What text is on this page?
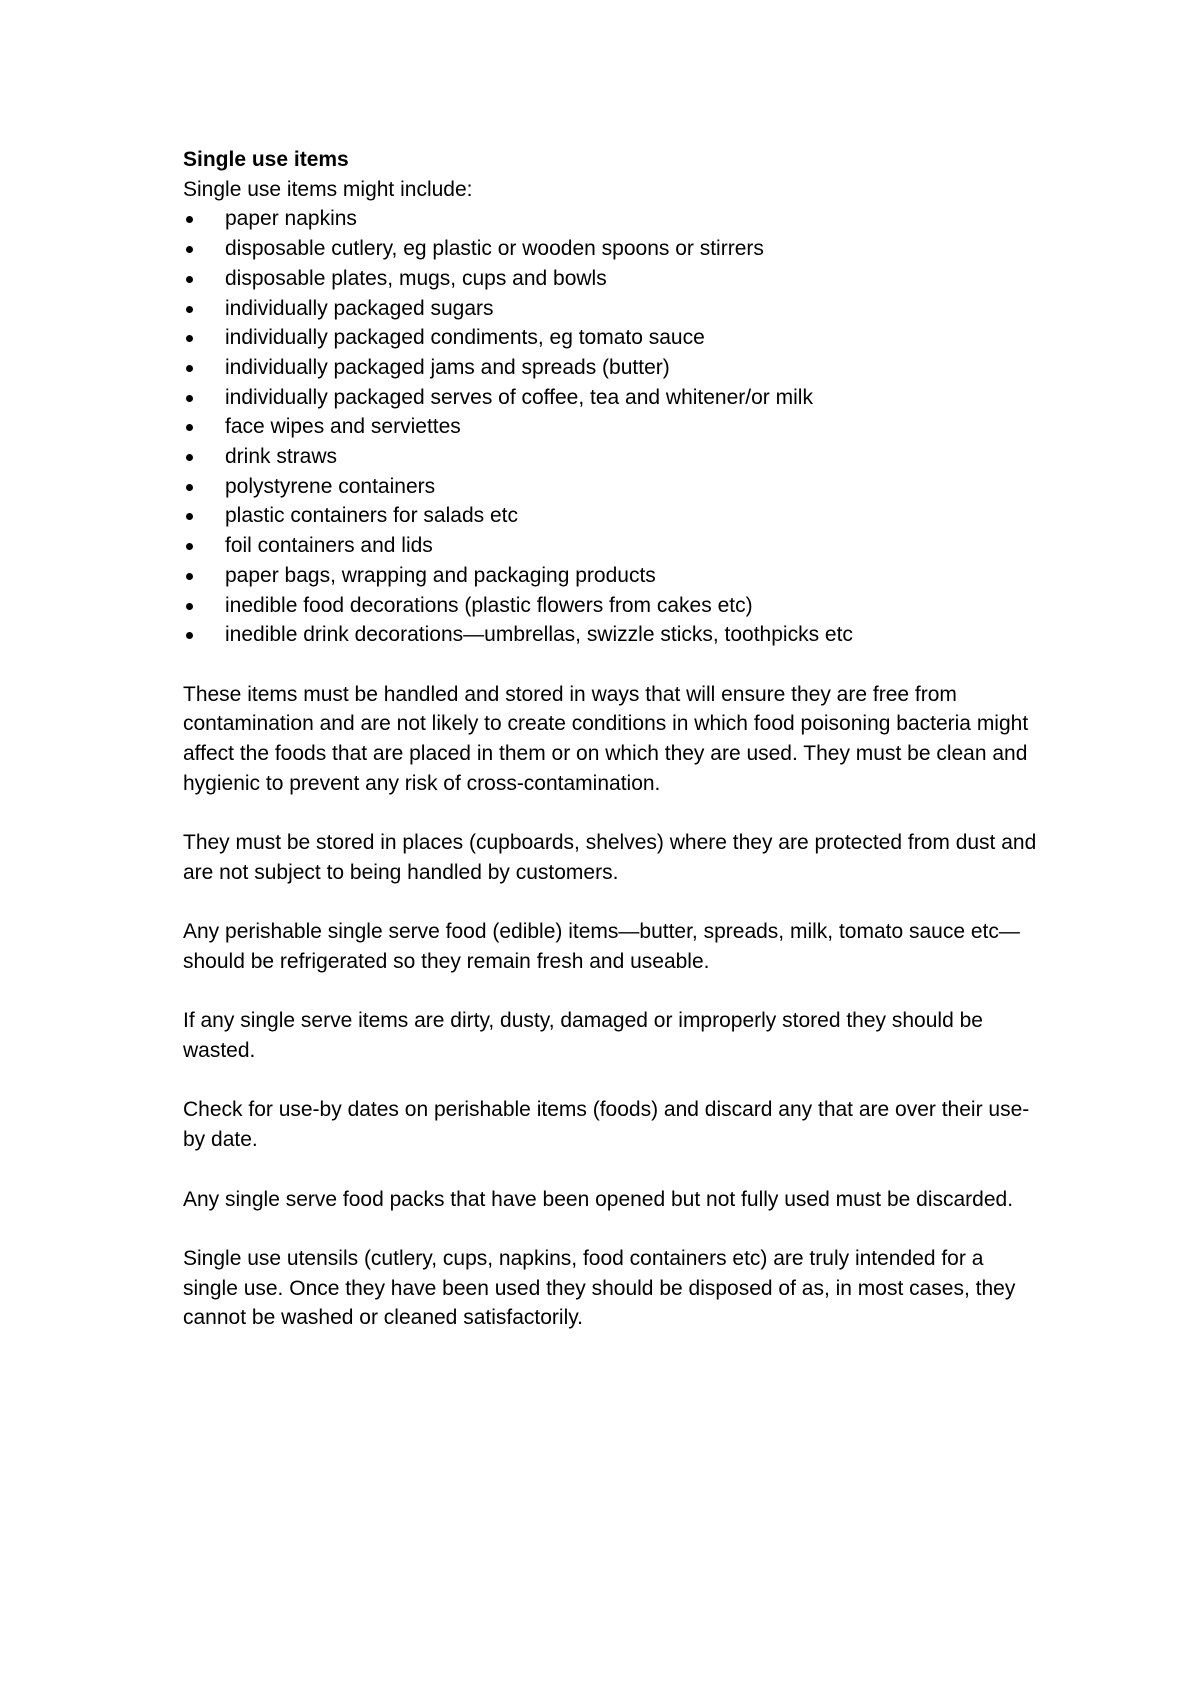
Single use items

Single use items might include:

paper napkins
disposable cutlery, eg plastic or wooden spoons or stirrers
disposable plates, mugs, cups and bowls
individually packaged sugars
individually packaged condiments, eg tomato sauce
individually packaged jams and spreads (butter)
individually packaged serves of coffee, tea and whitener/or milk
face wipes and serviettes
drink straws
polystyrene containers
plastic containers for salads etc
foil containers and lids
paper bags, wrapping and packaging products
inedible food decorations (plastic flowers from cakes etc)
inedible drink decorations—umbrellas, swizzle sticks, toothpicks etc

These items must be handled and stored in ways that will ensure they are free from contamination and are not likely to create conditions in which food poisoning bacteria might affect the foods that are placed in them or on which they are used. They must be clean and hygienic to prevent any risk of cross-contamination.

They must be stored in places (cupboards, shelves) where they are protected from dust and are not subject to being handled by customers.

Any perishable single serve food (edible) items—butter, spreads, milk, tomato sauce etc—should be refrigerated so they remain fresh and useable.

If any single serve items are dirty, dusty, damaged or improperly stored they should be wasted.

Check for use-by dates on perishable items (foods) and discard any that are over their use-by date.

Any single serve food packs that have been opened but not fully used must be discarded.

Single use utensils (cutlery, cups, napkins, food containers etc) are truly intended for a single use. Once they have been used they should be disposed of as, in most cases, they cannot be washed or cleaned satisfactorily.
